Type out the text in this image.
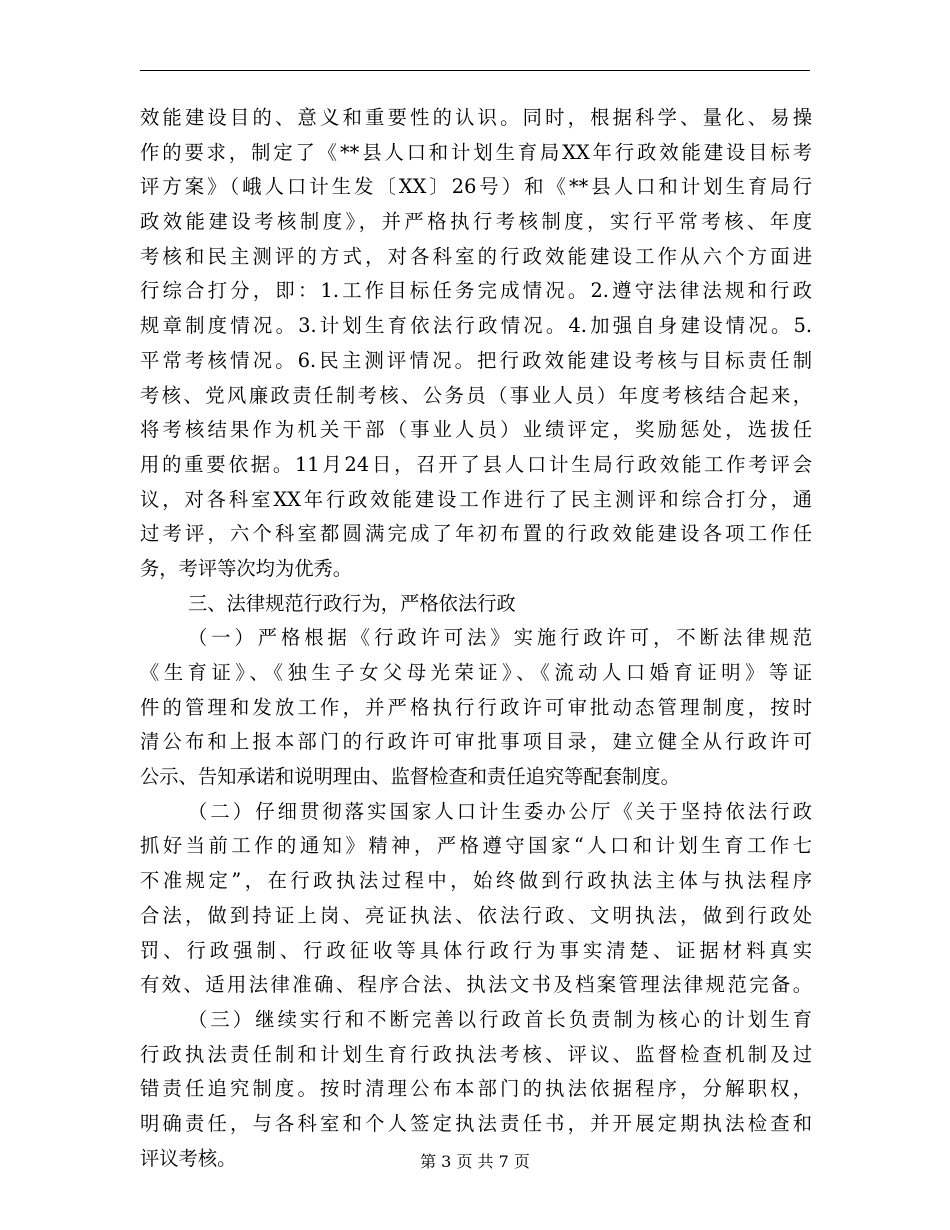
效能建设目的、意义和重要性的认识。同时，根据科学、量化、易操
作的要求，制定了《**县人口和计划生育局XX年行政效能建设目标考
评方案》（峨人口计生发〔XX〕26号）和《**县人口和计划生育局行
政效能建设考核制度》，并严格执行考核制度，实行平常考核、年度
考核和民主测评的方式，对各科室的行政效能建设工作从六个方面进
行综合打分，即：1.工作目标任务完成情况。2.遵守法律法规和行政
规章制度情况。3.计划生育依法行政情况。4.加强自身建设情况。5.
平常考核情况。6.民主测评情况。把行政效能建设考核与目标责任制
考核、党风廉政责任制考核、公务员（事业人员）年度考核结合起来，
将考核结果作为机关干部（事业人员）业绩评定，奖励惩处，选拔任
用的重要依据。11月24日，召开了县人口计生局行政效能工作考评会
议，对各科室XX年行政效能建设工作进行了民主测评和综合打分，通
过考评，六个科室都圆满完成了年初布置的行政效能建设各项工作任
务，考评等次均为优秀。
三、法律规范行政行为，严格依法行政
（一）严格根据《行政许可法》实施行政许可，不断法律规范
《生育证》、《独生子女父母光荣证》、《流动人口婚育证明》等证
件的管理和发放工作，并严格执行行政许可审批动态管理制度，按时
清公布和上报本部门的行政许可审批事项目录，建立健全从行政许可
公示、告知承诺和说明理由、监督检查和责任追究等配套制度。
（二）仔细贯彻落实国家人口计生委办公厅《关于坚持依法行政
抓好当前工作的通知》精神，严格遵守国家“人口和计划生育工作七
不准规定”，在行政执法过程中，始终做到行政执法主体与执法程序
合法，做到持证上岗、亮证执法、依法行政、文明执法，做到行政处
罚、行政强制、行政征收等具体行政行为事实清楚、证据材料真实
有效、适用法律准确、程序合法、执法文书及档案管理法律规范完备。
（三）继续实行和不断完善以行政首长负责制为核心的计划生育
行政执法责任制和计划生育行政执法考核、评议、监督检查机制及过
错责任追究制度。按时清理公布本部门的执法依据程序，分解职权，
明确责任，与各科室和个人签定执法责任书，并开展定期执法检查和
评议考核。	第 3 页 共 7 页
